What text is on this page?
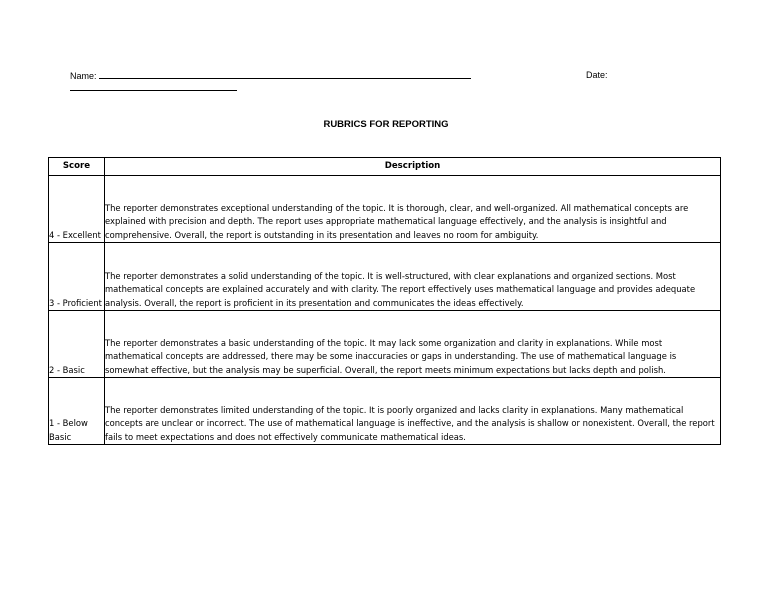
Name:	Date:
RUBRICS FOR REPORTING
Score	Description
4 - Excellent	The reporter demonstrates exceptional understanding of the topic. It is thorough, clear, and well-organized. All mathematical concepts are explained with precision and depth. The report uses appropriate mathematical language effectively, and the analysis is insightful and comprehensive. Overall, the report is outstanding in its presentation and leaves no room for ambiguity.
3 - Proficient	The reporter demonstrates a solid understanding of the topic. It is well-structured, with clear explanations and organized sections. Most mathematical concepts are explained accurately and with clarity. The report effectively uses mathematical language and provides adequate analysis. Overall, the report is proficient in its presentation and communicates the ideas effectively.
2 - Basic	The reporter demonstrates a basic understanding of the topic. It may lack some organization and clarity in explanations. While most mathematical concepts are addressed, there may be some inaccuracies or gaps in understanding. The use of mathematical language is somewhat effective, but the analysis may be superficial. Overall, the report meets minimum expectations but lacks depth and polish.
1 - Below Basic	The reporter demonstrates limited understanding of the topic. It is poorly organized and lacks clarity in explanations. Many mathematical concepts are unclear or incorrect. The use of mathematical language is ineffective, and the analysis is shallow or nonexistent. Overall, the report fails to meet expectations and does not effectively communicate mathematical ideas.
